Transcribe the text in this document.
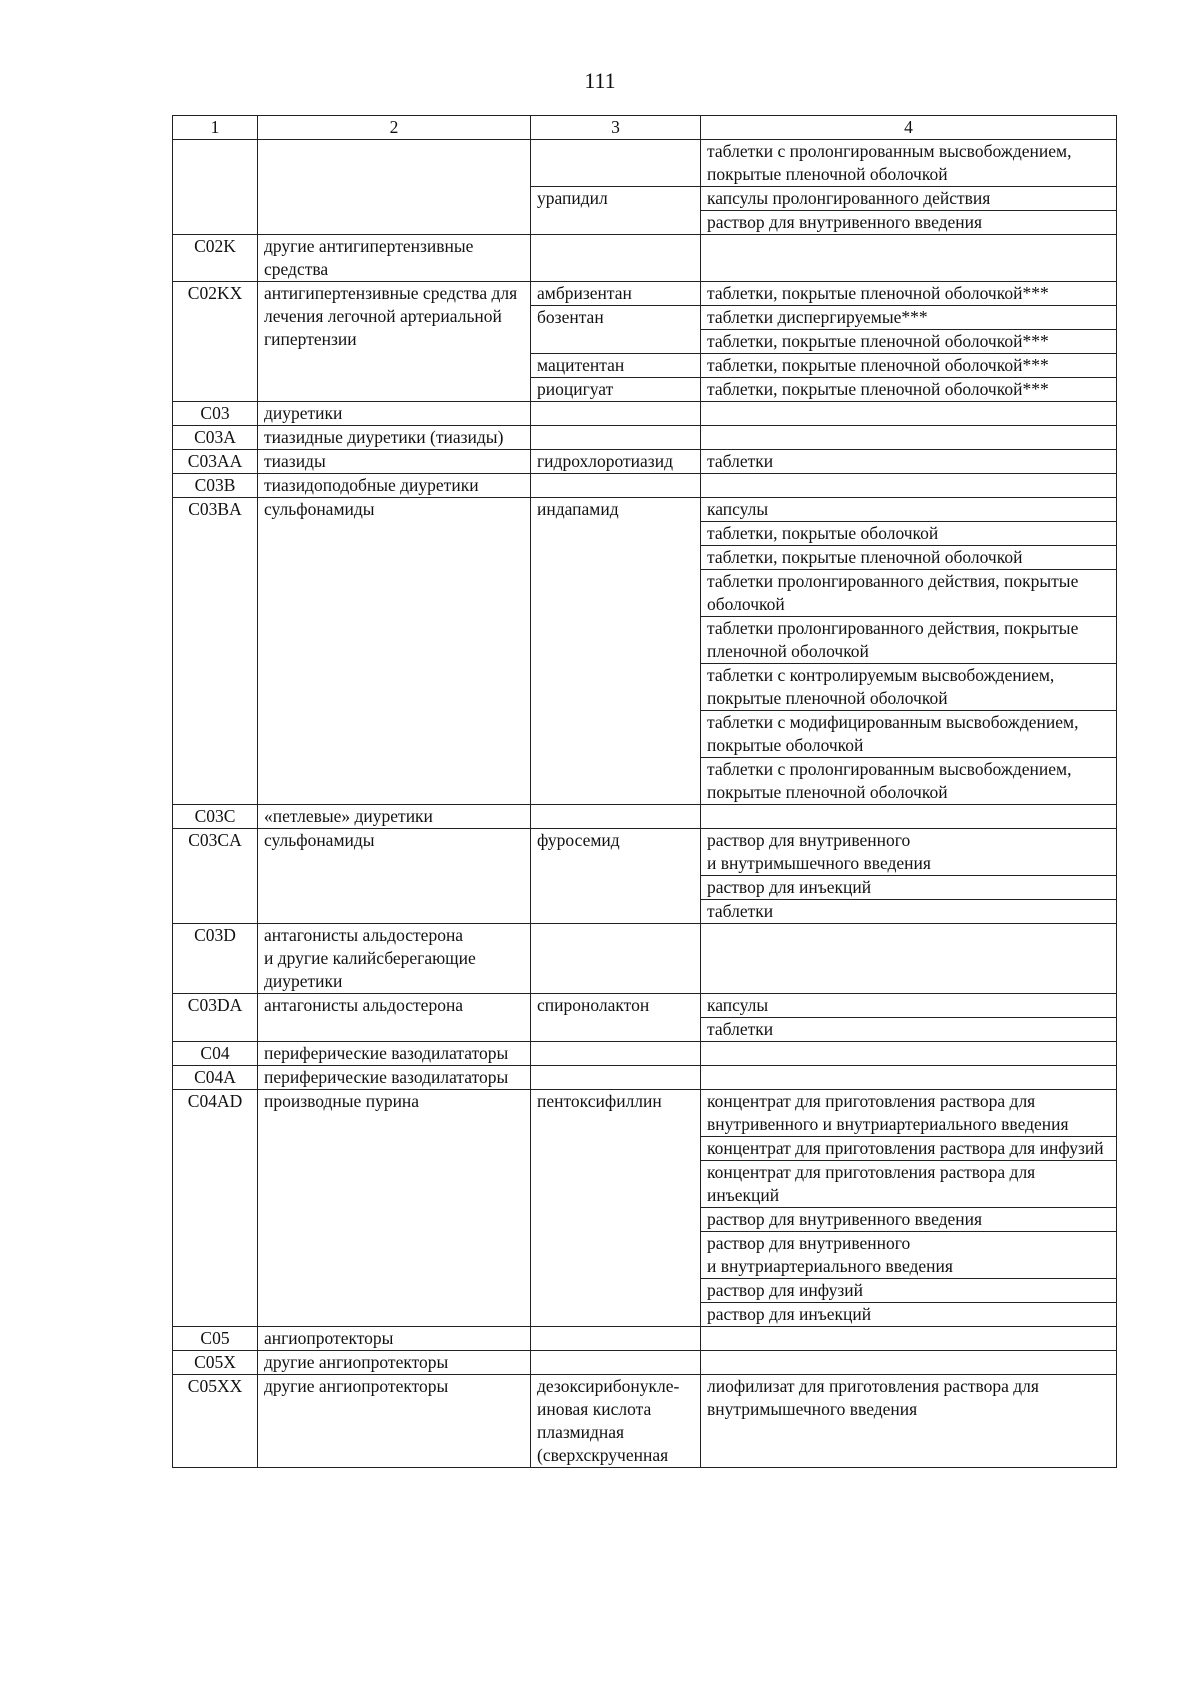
111
1	2	3	4
			таблетки с пролонгированным высвобождением, покрытые пленочной оболочкой
		урапидил	капсулы пролонгированного действия
			раствор для внутривенного введения
C02K	другие антигипертензивные средства		
C02KX	антигипертензивные средства для лечения легочной артериальной гипертензии	амбризентан	таблетки, покрытые пленочной оболочкой***
		бозентан	таблетки диспергируемые***
			таблетки, покрытые пленочной оболочкой***
		мацитентан	таблетки, покрытые пленочной оболочкой***
		риоцигуат	таблетки, покрытые пленочной оболочкой***
C03	диуретики		
C03A	тиазидные диуретики (тиазиды)		
C03AA	тиазиды	гидрохлоротиазид	таблетки
C03B	тиазидоподобные диуретики		
C03BA	сульфонамиды	индапамид	капсулы
			таблетки, покрытые оболочкой
			таблетки, покрытые пленочной оболочкой
			таблетки пролонгированного действия, покрытые оболочкой
			таблетки пролонгированного действия, покрытые пленочной оболочкой
			таблетки с контролируемым высвобождением, покрытые пленочной оболочкой
			таблетки с модифицированным высвобождением, покрытые оболочкой
			таблетки с пролонгированным высвобождением, покрытые пленочной оболочкой
C03C	«петлевые» диуретики		
C03CA	сульфонамиды	фуросемид	раствор для внутривенного
и внутримышечного введения
			раствор для инъекций
			таблетки
C03D	антагонисты альдостерона
и другие калийсберегающие диуретики		
C03DA	антагонисты альдостерона	спиронолактон	капсулы
			таблетки
C04	периферические вазодилататоры		
C04A	периферические вазодилататоры		
C04AD	производные пурина	пентоксифиллин	концентрат для приготовления раствора для внутривенного и внутриартериального введения
			концентрат для приготовления раствора для инфузий
			концентрат для приготовления раствора для инъекций
			раствор для внутривенного введения
			раствор для внутривенного
и внутриартериального введения
			раствор для инфузий
			раствор для инъекций
C05	ангиопротекторы		
C05X	другие ангиопротекторы		
C05XX	другие ангиопротекторы	дезоксирибонукле-иновая кислота плазмидная (сверхскрученная	лиофилизат для приготовления раствора для внутримышечного введения
